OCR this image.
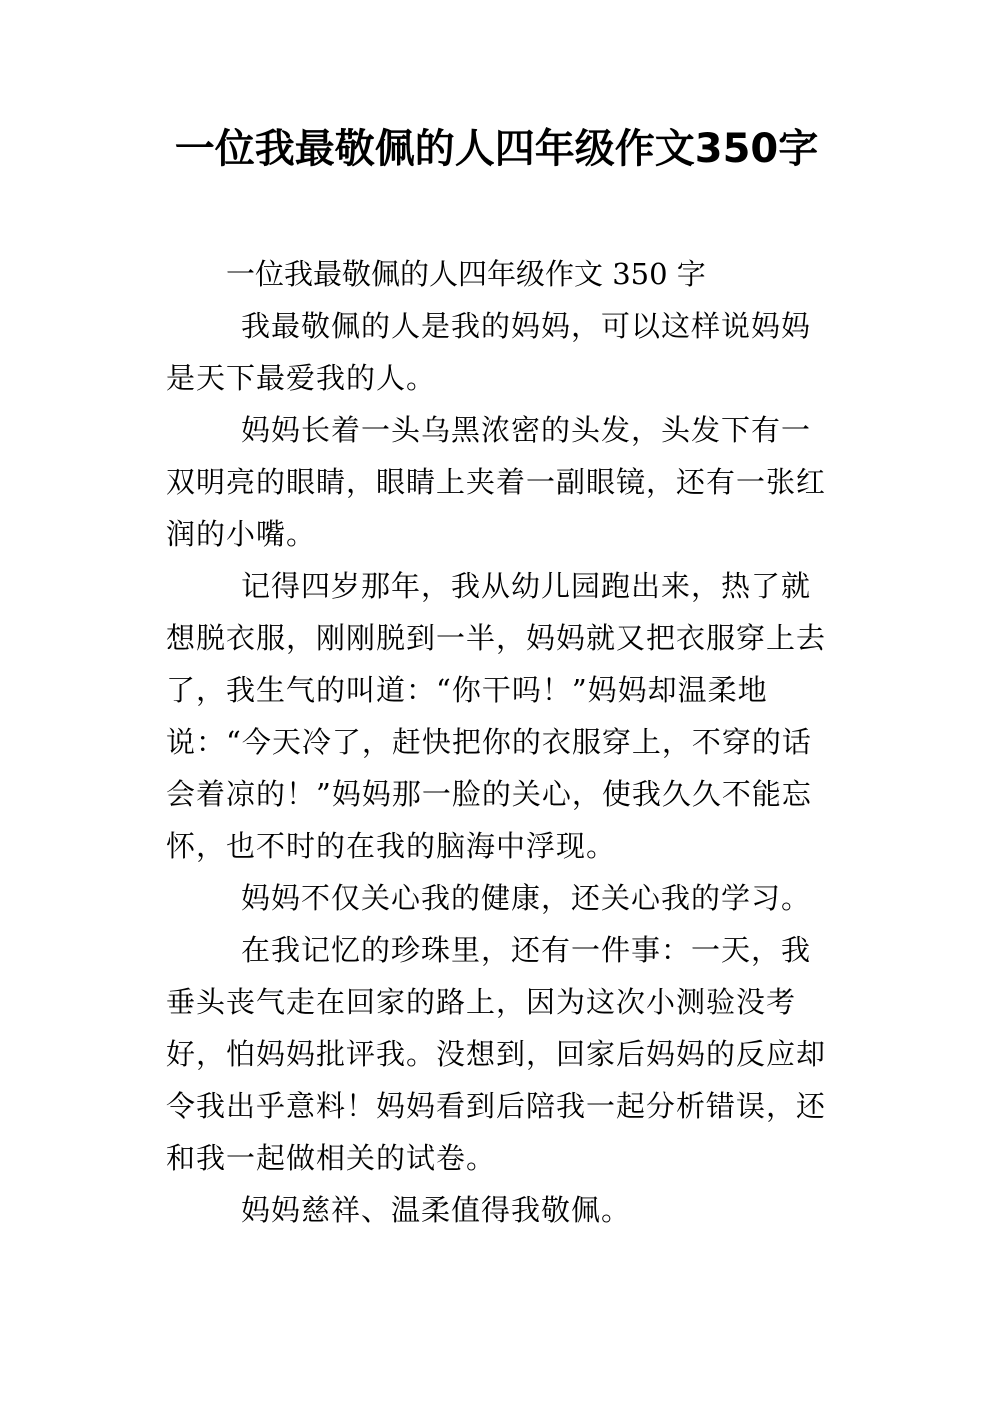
一位我最敬佩的人四年级作文350字

一位我最敬佩的人四年级作文 350 字

我最敬佩的人是我的妈妈，可以这样说妈妈是天下最爱我的人。

妈妈长着一头乌黑浓密的头发，头发下有一双明亮的眼睛，眼睛上夹着一副眼镜，还有一张红润的小嘴。

记得四岁那年，我从幼儿园跑出来，热了就想脱衣服，刚刚脱到一半，妈妈就又把衣服穿上去了，我生气的叫道：“你干吗！”妈妈却温柔地说：“今天冷了，赶快把你的衣服穿上，不穿的话会着凉的！”妈妈那一脸的关心，使我久久不能忘怀，也不时的在我的脑海中浮现。

妈妈不仅关心我的健康，还关心我的学习。

在我记忆的珍珠里，还有一件事：一天，我垂头丧气走在回家的路上，因为这次小测验没考好，怕妈妈批评我。没想到，回家后妈妈的反应却令我出乎意料！妈妈看到后陪我一起分析错误，还和我一起做相关的试卷。

妈妈慈祥、温柔值得我敬佩。
